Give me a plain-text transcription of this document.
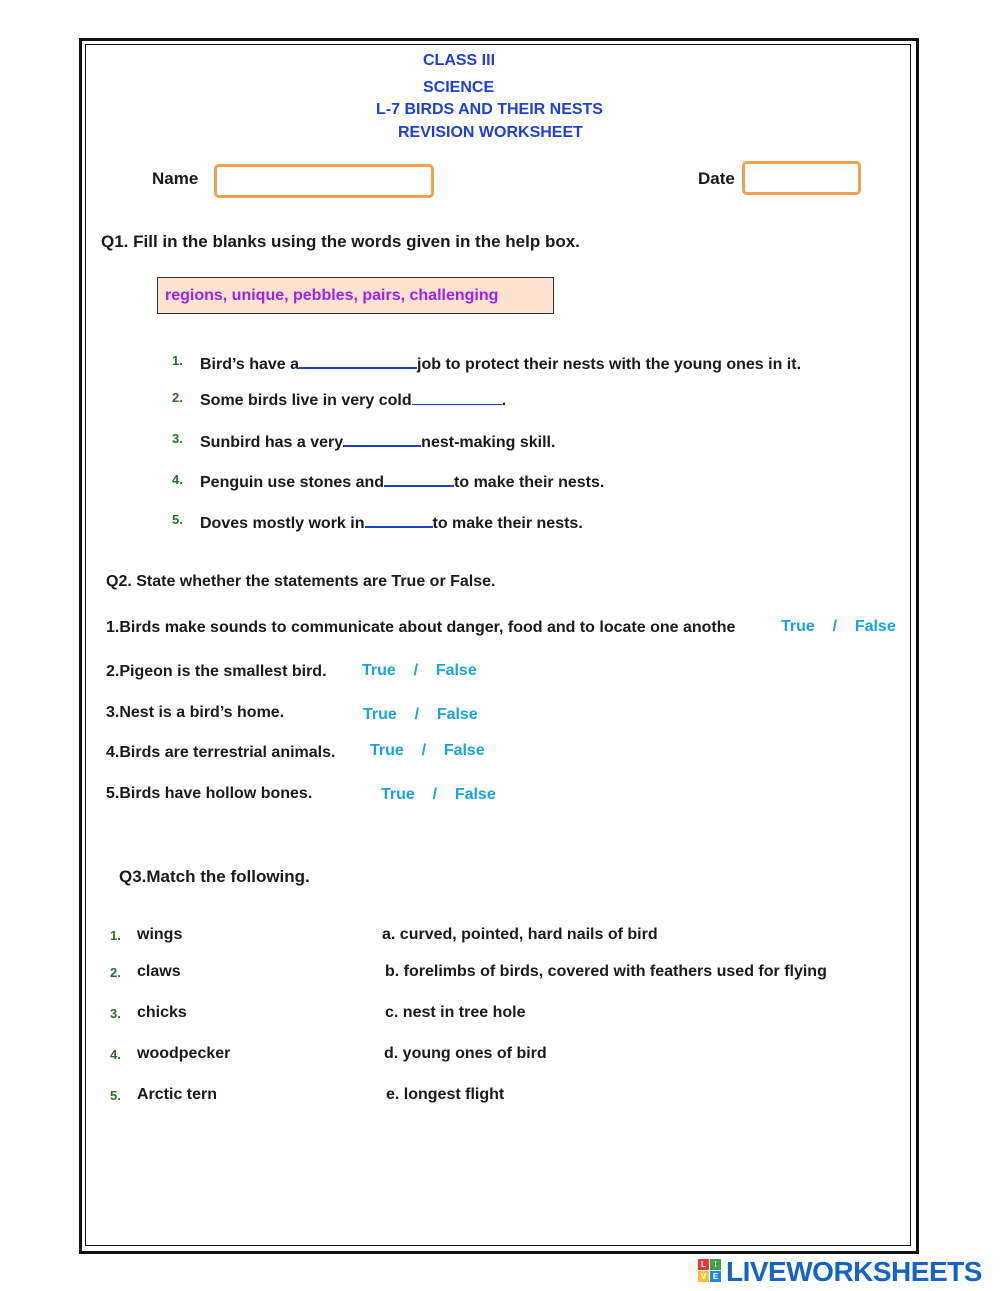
CLASS III
SCIENCE
L-7 BIRDS AND THEIR NESTS
REVISION WORKSHEET
Name	Date
Q1. Fill in the blanks using the words given in the help box.
regions, unique, pebbles, pairs, challenging
1. Bird’s have a	job to protect their nests with the young ones in it.
2. Some birds live in very cold	.
3. Sunbird has a very	nest-making skill.
4. Penguin use stones and	to make their nests.
5. Doves mostly work in	to make their nests.
Q2. State whether the statements are True or False.
1.Birds make sounds to communicate about danger, food and to locate one anothe	True / False
2.Pigeon is the smallest bird. True / False
3.Nest is a bird’s home.	True / False
4.Birds are terrestrial animals. True / False
5.Birds have hollow bones.	True / False
Q3.Match the following.
1. wings	a. curved, pointed, hard nails of bird
2. claws	b. forelimbs of birds, covered with feathers used for flying
3. chicks	c. nest in tree hole
4. woodpecker	d. young ones of bird
5. Arctic tern	e. longest flight
L	I
V E LIVEWORKSHEETS
